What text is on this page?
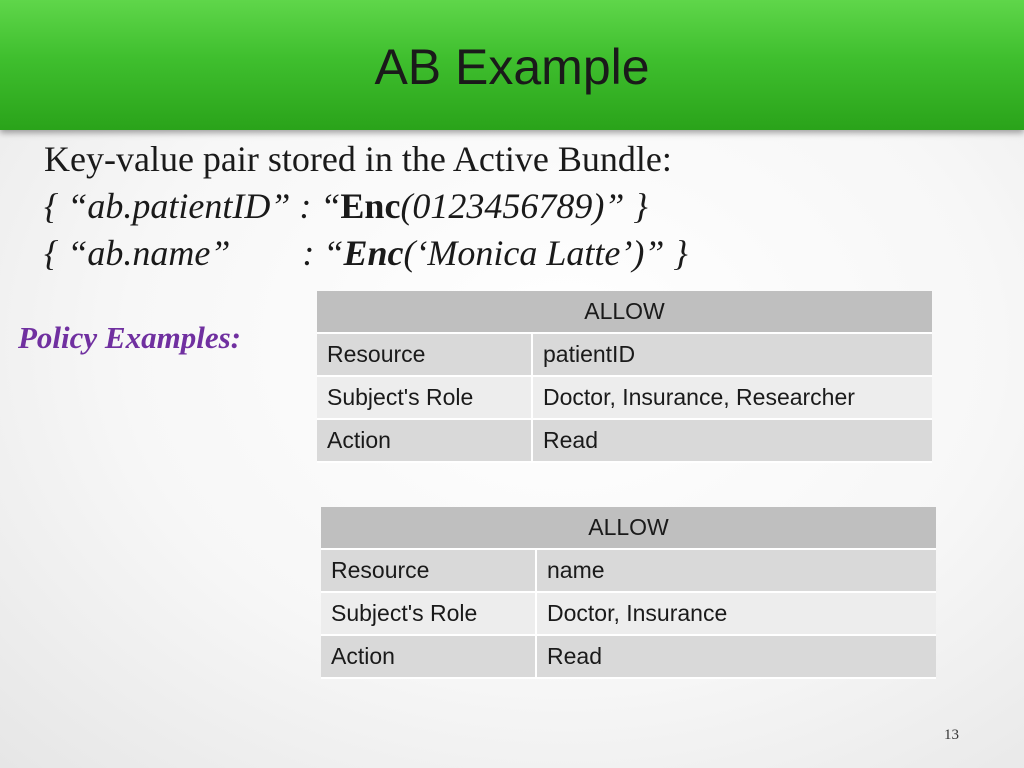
AB Example
Key-value pair stored in the Active Bundle:
{ “ab.patientID” : “Enc(0123456789)” }
{ “ab.name”        : “Enc(‘Monica Latte’)” }
Policy Examples:
ALLOW	
Resource	patientID
Subject's Role	Doctor, Insurance, Researcher
Action	Read
ALLOW	
Resource	name
Subject's Role	Doctor, Insurance
Action	Read
13
